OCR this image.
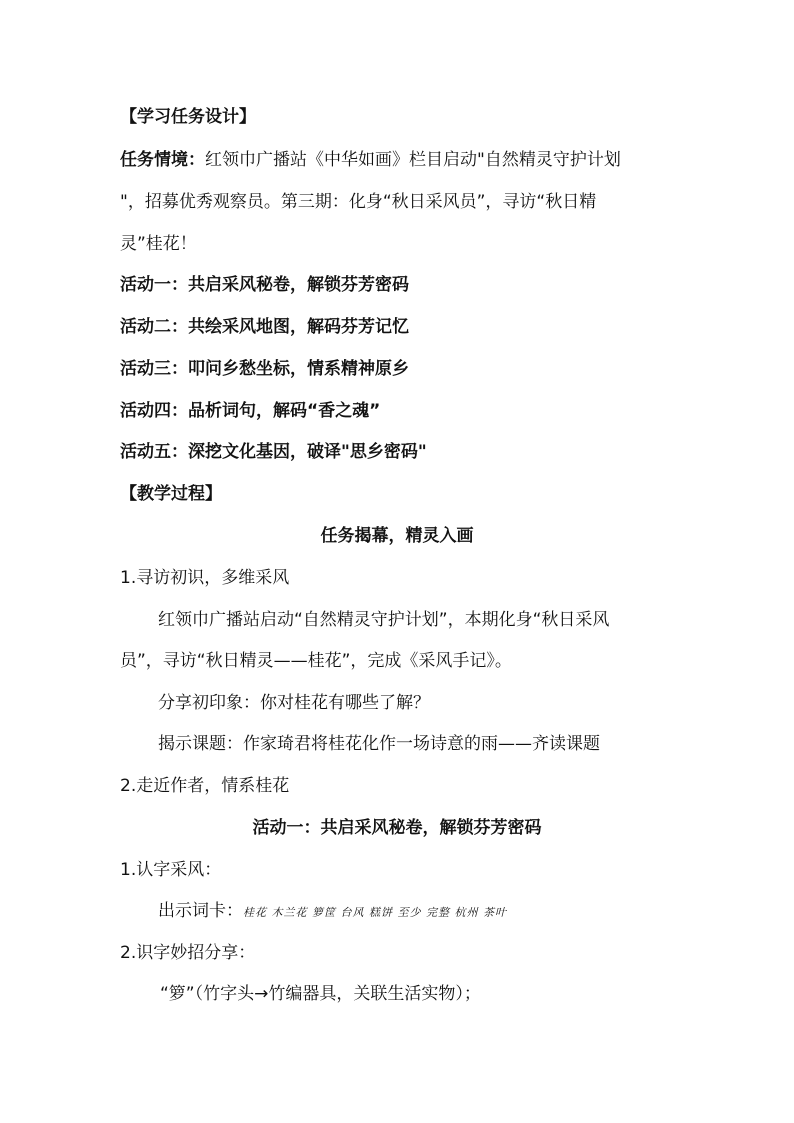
【学习任务设计】
任务情境：红领巾广播站《中华如画》栏目启动"自然精灵守护计划
"，招募优秀观察员。第三期：化身“秋日采风员”，寻访“秋日精
灵”桂花！
活动一：共启采风秘卷，解锁芬芳密码
活动二：共绘采风地图，解码芬芳记忆
活动三：叩问乡愁坐标，情系精神原乡
活动四：品析词句，解码“香之魂”
活动五：深挖文化基因，破译"思乡密码"
【教学过程】
任务揭幕，精灵入画
1.寻访初识，多维采风
红领巾广播站启动“自然精灵守护计划”，本期化身“秋日采风
员”，寻访“秋日精灵——桂花”，完成《采风手记》。
分享初印象：你对桂花有哪些了解？
揭示课题：作家琦君将桂花化作一场诗意的雨——齐读课题
2.走近作者，情系桂花
活动一：共启采风秘卷，解锁芬芳密码
1.认字采风：
出示词卡：桂花 木兰花 箩筐 台风 糕饼 至少 完整 杭州 茶叶
2.识字妙招分享：
“箩”（竹字头→竹编器具，关联生活实物）；
